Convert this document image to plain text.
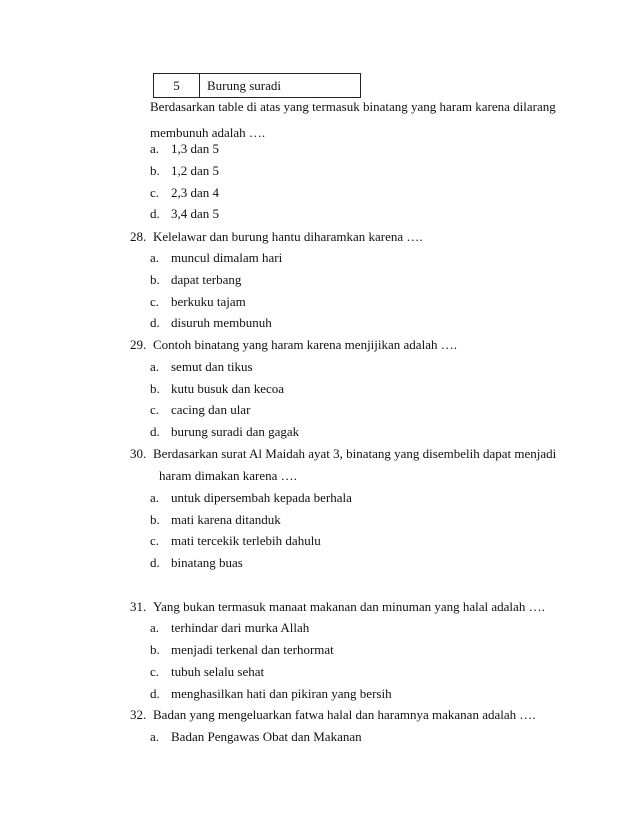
5	Burung suradi
Berdasarkan table di atas yang termasuk binatang yang haram karena dilarang
membunuh adalah ….
a. 1,3 dan 5
b. 1,2 dan 5
c. 2,3 dan 4
d. 3,4 dan 5
28. Kelelawar dan burung hantu diharamkan karena ….
a. muncul dimalam hari
b. dapat terbang
c. berkuku tajam
d. disuruh membunuh
29. Contoh binatang yang haram karena menjijikan adalah ….
a. semut dan tikus
b. kutu busuk dan kecoa
c. cacing dan ular
d. burung suradi dan gagak
30. Berdasarkan surat Al Maidah ayat 3, binatang yang disembelih dapat menjadi
haram dimakan karena ….
a. untuk dipersembah kepada berhala
b. mati karena ditanduk
c. mati tercekik terlebih dahulu
d. binatang buas
31. Yang bukan termasuk manaat makanan dan minuman yang halal adalah ….
a. terhindar dari murka Allah
b. menjadi terkenal dan terhormat
c. tubuh selalu sehat
d. menghasilkan hati dan pikiran yang bersih
32. Badan yang mengeluarkan fatwa halal dan haramnya makanan adalah ….
a. Badan Pengawas Obat dan Makanan
